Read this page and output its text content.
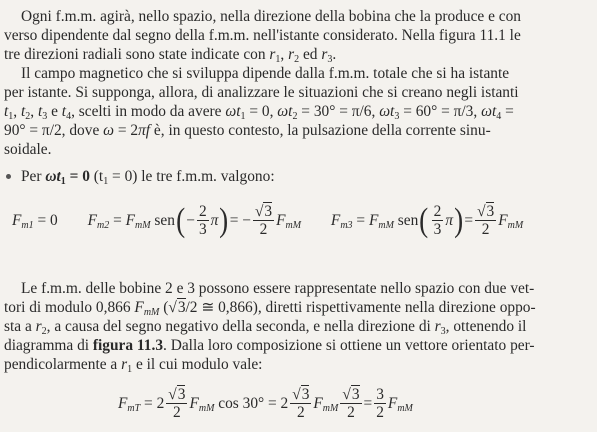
Ogni f.m.m. agirà, nello spazio, nella direzione della bobina che la produce e con
verso dipendente dal segno della f.m.m. nell'istante considerato. Nella figura 11.1 le
tre direzioni radiali sono state indicate con $r_1$, $r_2$ ed $r_3$.
Il campo magnetico che si sviluppa dipende dalla f.m.m. totale che si ha istante
per istante. Si supponga, allora, di analizzare le situazioni che si creano negli istanti
$t_1$, $t_2$, $t_3$ e $t_4$, scelti in modo da avere $\omega t_1 = 0$, $\omega t_2 = 30^\circ = \pi/6$, $\omega t_3 = 60^\circ = \pi/3$, $\omega t_4$ =
90° = π/2, dove ω = 2πf è, in questo contesto, la pulsazione della corrente sinu-
soidale.
Per $\omega t_1 = 0$ $(t_1 = 0)$ le tre f.m.m. valgono:
$F_{m1} = 0$ $F_{m2} = F_{mM}$ $sen(- \frac{2}{3} \pi)= - \frac{√3}{2} F_{mM}$ $F_{m3} = F_{mM}$ $sen( \frac{2}{3} \pi)= \frac{√3}{2} F_{mM}$
Le f.m.m. delle bobine 2 e 3 possono essere rappresentate nello spazio con due vet-
tori di modulo 0,866 $F_{mM}$ (√3/2 ≅ 0,866), diretti rispettivamente nella direzione oppo-
sta a $r_2$, a causa del segno negativo della seconda, e nella direzione di $r_3$, ottenendo il
diagramma di figura 11.3. Dalla loro composizione si ottiene un vettore orientato per-
pendicolarmente a $r_1$ e il cui modulo vale:
$F_{mT} = 2 \frac{√3}{2} F_{mM}$ $\cos 30^\circ = 2 \frac{√3}{2} F_{mM} \frac{√3}{2} = \frac{3}{2} F_{mM}$
